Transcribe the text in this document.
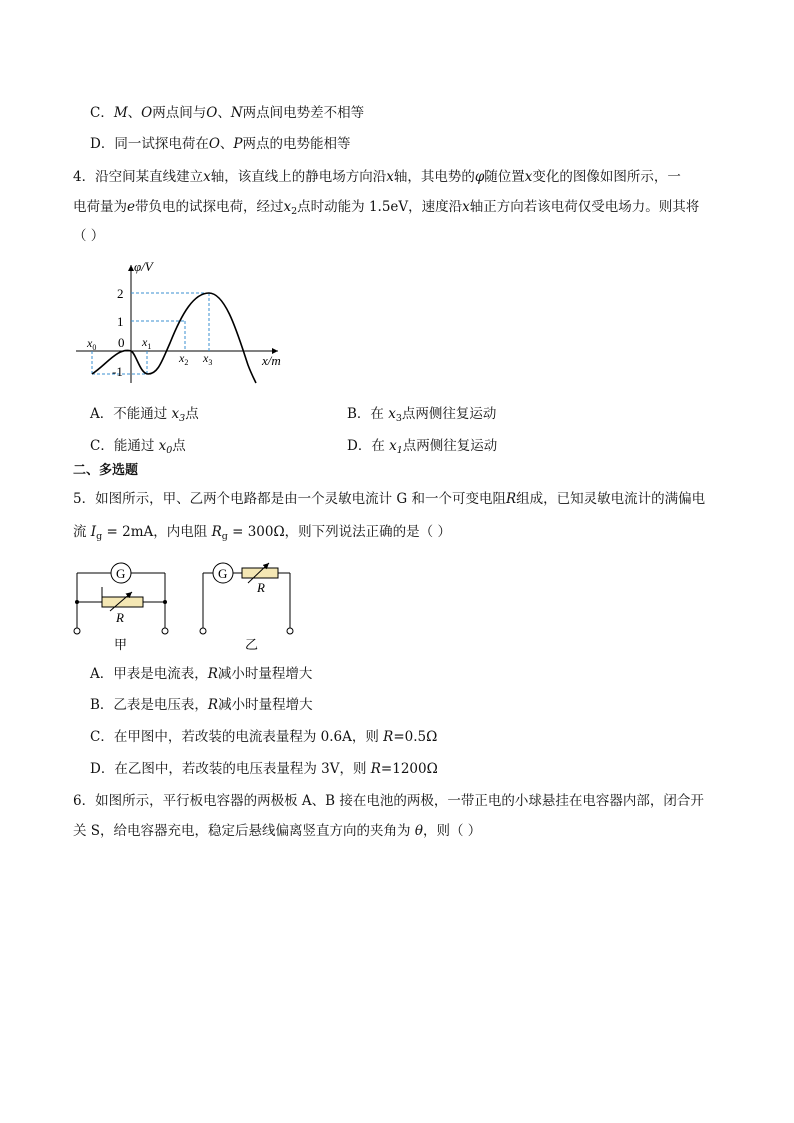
C．M、O两点间与O、N两点间电势差不相等
D．同一试探电荷在O、P两点的电势能相等
4．沿空间某直线建立x轴，该直线上的静电场方向沿x轴，其电势的φ随位置x变化的图像如图所示，一
电荷量为e带负电的试探电荷，经过$x_2$点时动能为 1.5eV，速度沿x轴正方向若该电荷仅受电场力。则其将
（ ）
φ/V
x/m
2
1
0
-1
$x_0$	$x_1$
$x_2$ $x_3$
A．不能通过 $x_3$点	B．在 $x_3$点两侧往复运动
C．能通过 $x_0$点	D．在 $x_1$点两侧往复运动
二、多选题
5．如图所示，甲、乙两个电路都是由一个灵敏电流计 G 和一个可变电阻R组成，已知灵敏电流计的满偏电
流 $I_g = 2mA$，内电阻 $R_g = 300\Omega$，则下列说法正确的是（ ）
G
R
甲
G
R
乙
A．甲表是电流表，R减小时量程增大
B．乙表是电压表，R减小时量程增大
C．在甲图中，若改装的电流表量程为 0.6A，则 R=0.5Ω
D．在乙图中，若改装的电压表量程为 3V，则 R=1200Ω
6．如图所示，平行板电容器的两极板 A、B 接在电池的两极，一带正电的小球悬挂在电容器内部，闭合开
关 S，给电容器充电，稳定后悬线偏离竖直方向的夹角为 θ，则（ ）
